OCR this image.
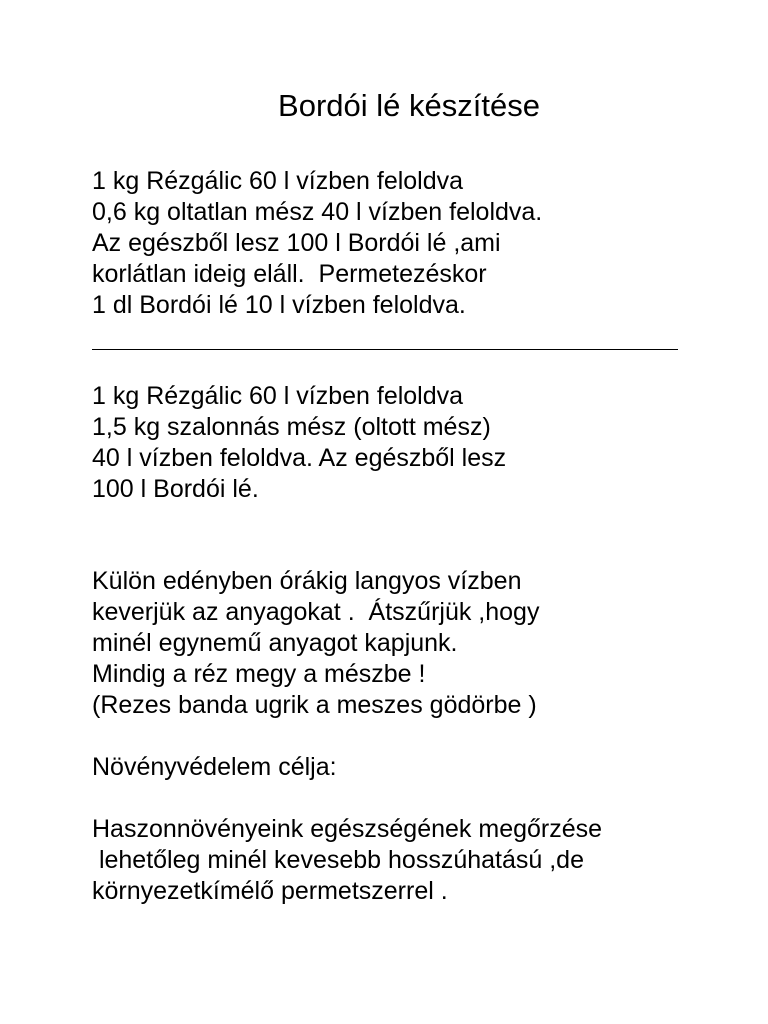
Bordói lé készítése
1 kg Rézgálic 60 l vízben feloldva
0,6 kg oltatlan mész 40 l vízben feloldva.
Az egészből lesz 100 l Bordói lé ,ami
korlátlan ideig eláll.  Permetezéskor
1 dl Bordói lé 10 l vízben feloldva.
1 kg Rézgálic 60 l vízben feloldva
1,5 kg szalonnás mész (oltott mész)
40 l vízben feloldva. Az egészből lesz
100 l Bordói lé.
Külön edényben órákig langyos vízben
keverjük az anyagokat .  Átszűrjük ,hogy
minél egynemű anyagot kapjunk.
Mindig a réz megy a mészbe !
(Rezes banda ugrik a meszes gödörbe )
Növényvédelem célja:
Haszonnövényeink egészségének megőrzése
lehetőleg minél kevesebb hosszúhatású ,de
környezetkímélő permetszerrel .
